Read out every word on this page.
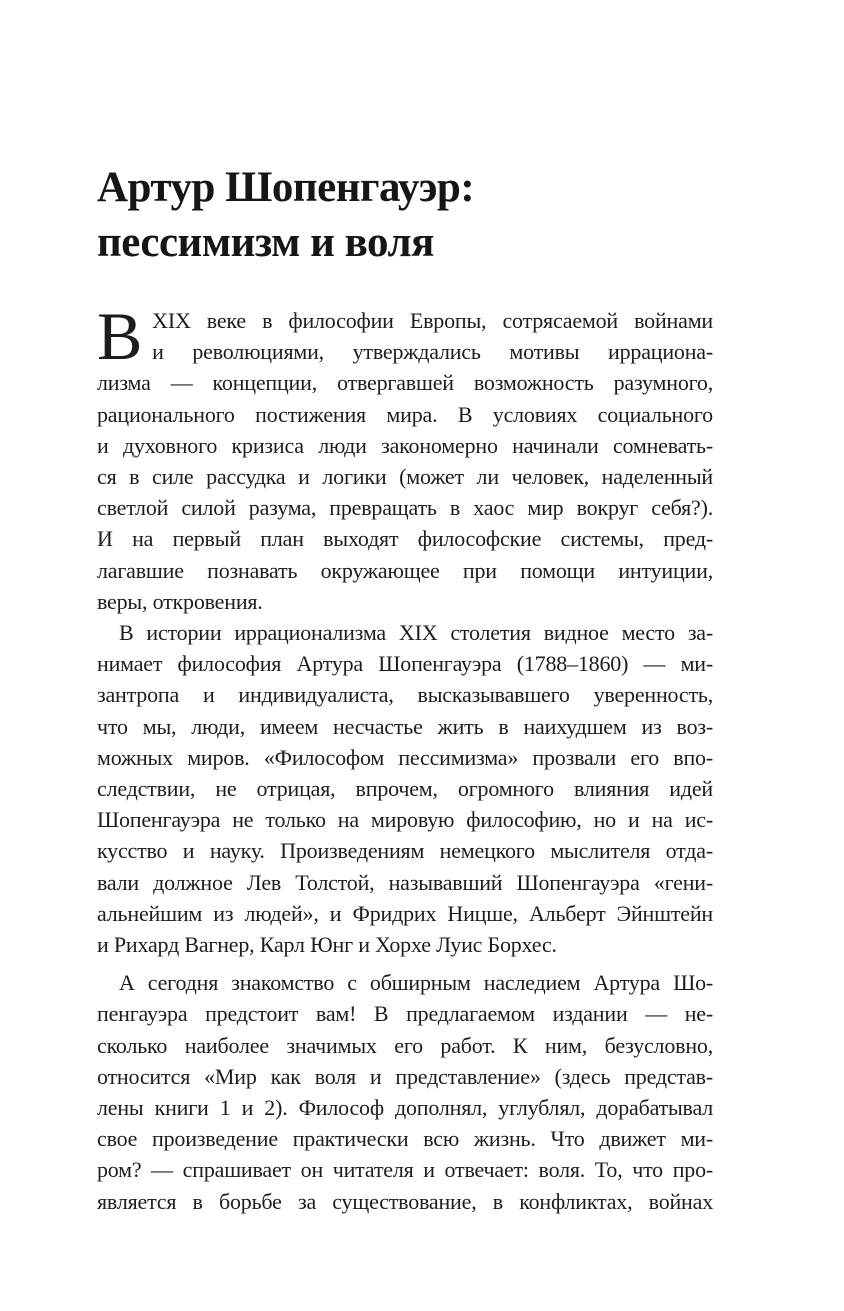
Артур Шопенгауэр:
пессимизм и воля
В XIX веке в философии Европы, сотрясаемой войнами
и революциями, утверждались мотивы иррациона-
лизма — концепции, отвергавшей возможность разумного,
рационального постижения мира. В условиях социального
и духовного кризиса люди закономерно начинали сомневать-
ся в силе рассудка и логики (может ли человек, наделенный
светлой силой разума, превращать в хаос мир вокруг себя?).
И на первый план выходят философские системы, пред-
лагавшие познавать окружающее при помощи интуиции,
веры, откровения.
В истории иррационализма XIX столетия видное место за-
нимает философия Артура Шопенгауэра (1788–1860) — ми-
зантропа и индивидуалиста, высказывавшего уверенность,
что мы, люди, имеем несчастье жить в наихудшем из воз-
можных миров. «Философом пессимизма» прозвали его впо-
следствии, не отрицая, впрочем, огромного влияния идей
Шопенгауэра не только на мировую философию, но и на ис-
кусство и науку. Произведениям немецкого мыслителя отда-
вали должное Лев Толстой, называвший Шопенгауэра «гени-
альнейшим из людей», и Фридрих Ницше, Альберт Эйнштейн
и Рихард Вагнер, Карл Юнг и Хорхе Луис Борхес.
А сегодня знакомство с обширным наследием Артура Шо-
пенгауэра предстоит вам! В предлагаемом издании — не-
сколько наиболее значимых его работ. К ним, безусловно,
относится «Мир как воля и представление» (здесь представ-
лены книги 1 и 2). Философ дополнял, углублял, дорабатывал
свое произведение практически всю жизнь. Что движет ми-
ром? — спрашивает он читателя и отвечает: воля. То, что про-
является в борьбе за существование, в конфликтах, войнах
